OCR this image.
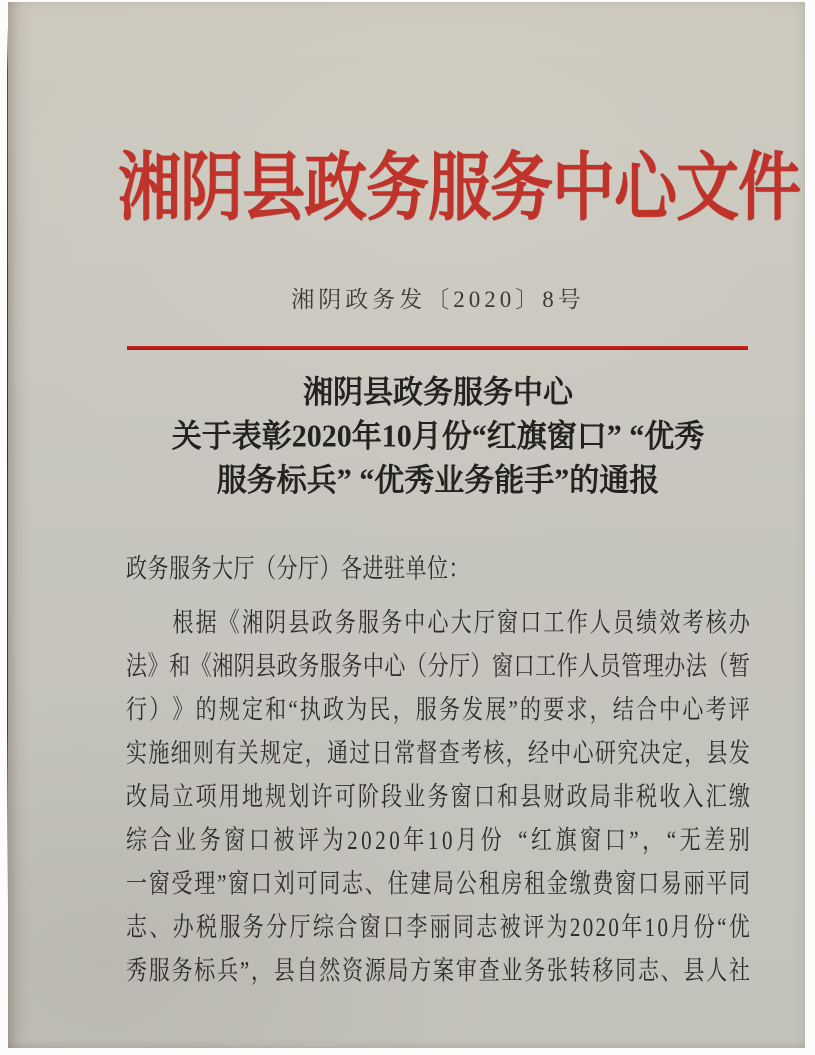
湘阴县政务服务中心文件
湘阴政务发〔2020〕8号
湘阴县政务服务中心
关于表彰2020年10月份“红旗窗口” “优秀
服务标兵” “优秀业务能手”的通报
政务服务大厅（分厅）各进驻单位：

根 据 《 湘 阴 县 政 务 服 务 中 心 大 厅 窗 口 工 作 人 员 绩 效 考 核 办
法 》 和 《 湘 阴 县 政 务 服 务 中 心 （ 分 厅 ） 窗 口 工 作 人 员 管 理 办 法 （ 暂
行 ） 》 的 规 定 和 “ 执 政 为 民 ， 服 务 发 展 ” 的 要 求 ， 结 合 中 心 考 评
实 施 细 则 有 关 规 定 ， 通 过 日 常 督 查 考 核 ， 经 中 心 研 究 决 定 ， 县 发
改 局 立 项 用 地 规 划 许 可 阶 段 业 务 窗 口 和 县 财 政 局 非 税 收 入 汇 缴
综 合 业 务 窗 口 被 评 为 2 0 2 0 年 1 0 月 份 “ 红 旗 窗 口 ” ， “ 无 差 别
一 窗 受 理 ” 窗 口 刘 可 同 志 、 住 建 局 公 租 房 租 金 缴 费 窗 口 易 丽 平 同
志 、 办 税 服 务 分 厅 综 合 窗 口 李 丽 同 志 被 评 为 2 0 2 0 年 1 0 月 份 “ 优
秀 服 务 标 兵 ” ， 县 自 然 资 源 局 方 案 审 查 业 务 张 转 移 同 志 、 县 人 社
